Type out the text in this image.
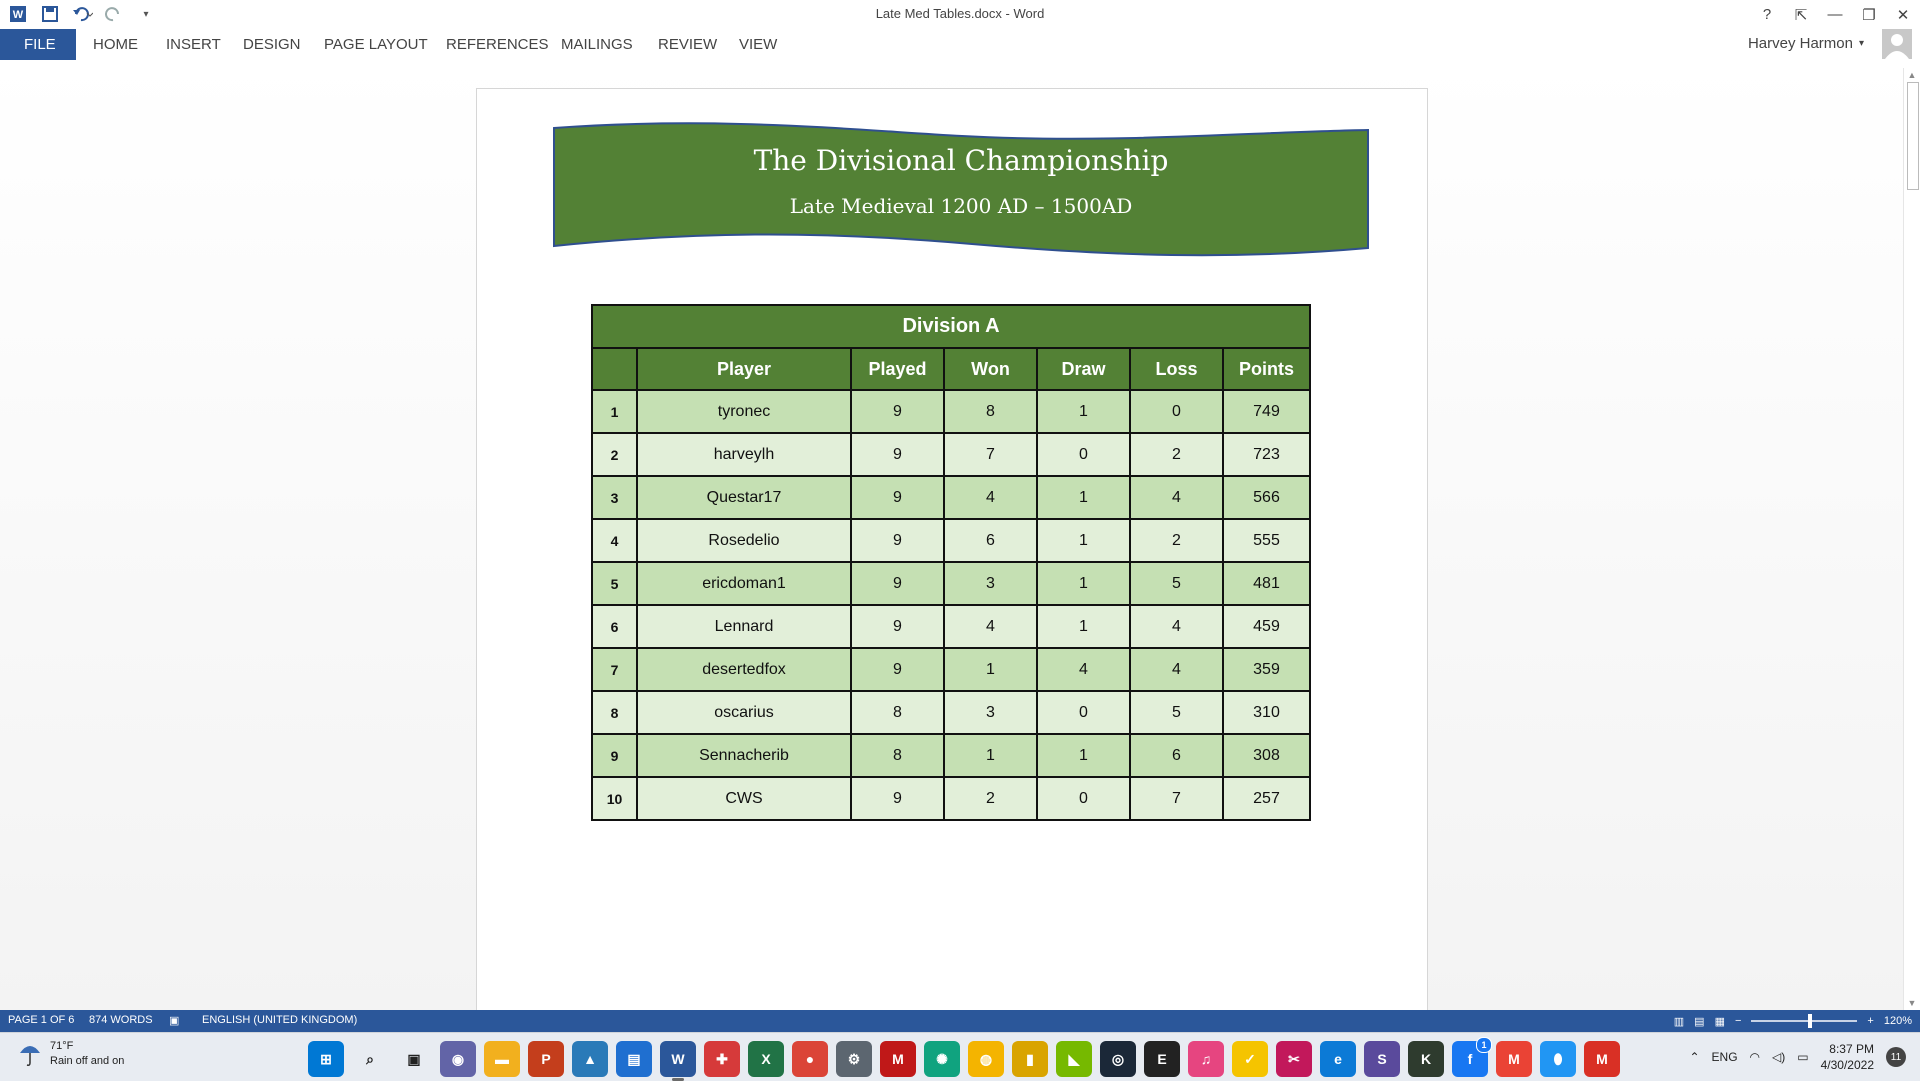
W	▾	Late Med Tables.docx - Word	?	⇱	—	❐	✕
FILE	HOME INSERT DESIGN PAGE LAYOUT REFERENCES MAILINGS REVIEW VIEW	Harvey Harmon ▾
The Divisional Championship
Late Medieval 1200 AD – 1500AD
Division A						
	Player	Played	Won	Draw	Loss	Points
1	tyronec	9	8	1	0	749
2	harveylh	9	7	0	2	723
3	Questar17	9	4	1	4	566
4	Rosedelio	9	6	1	2	555
5	ericdoman1	9	3	1	5	481
6	Lennard	9	4	1	4	459
7	desertedfox	9	1	4	4	359
8	oscarius	8	3	0	5	310
9	Sennacherib	8	1	1	6	308
10	CWS	9	2	0	7	257
▲
▼
PAGE 1 OF 6 874 WORDS ▣ ENGLISH (UNITED KINGDOM)	▥ ▤ ▦ −	+ 120%
71°F
Rain off and on	⊞	⌕	▣	◉	▬	P	▲	▤	W	✚	X	●	⚙	M	✺	◍	▮	◣	◎	E	♫	✓	✂	e	S	K	f
1
M	⬮	M	⌃ ENG ◠ ◁) ▭
8:37 PM
4/30/2022
11
